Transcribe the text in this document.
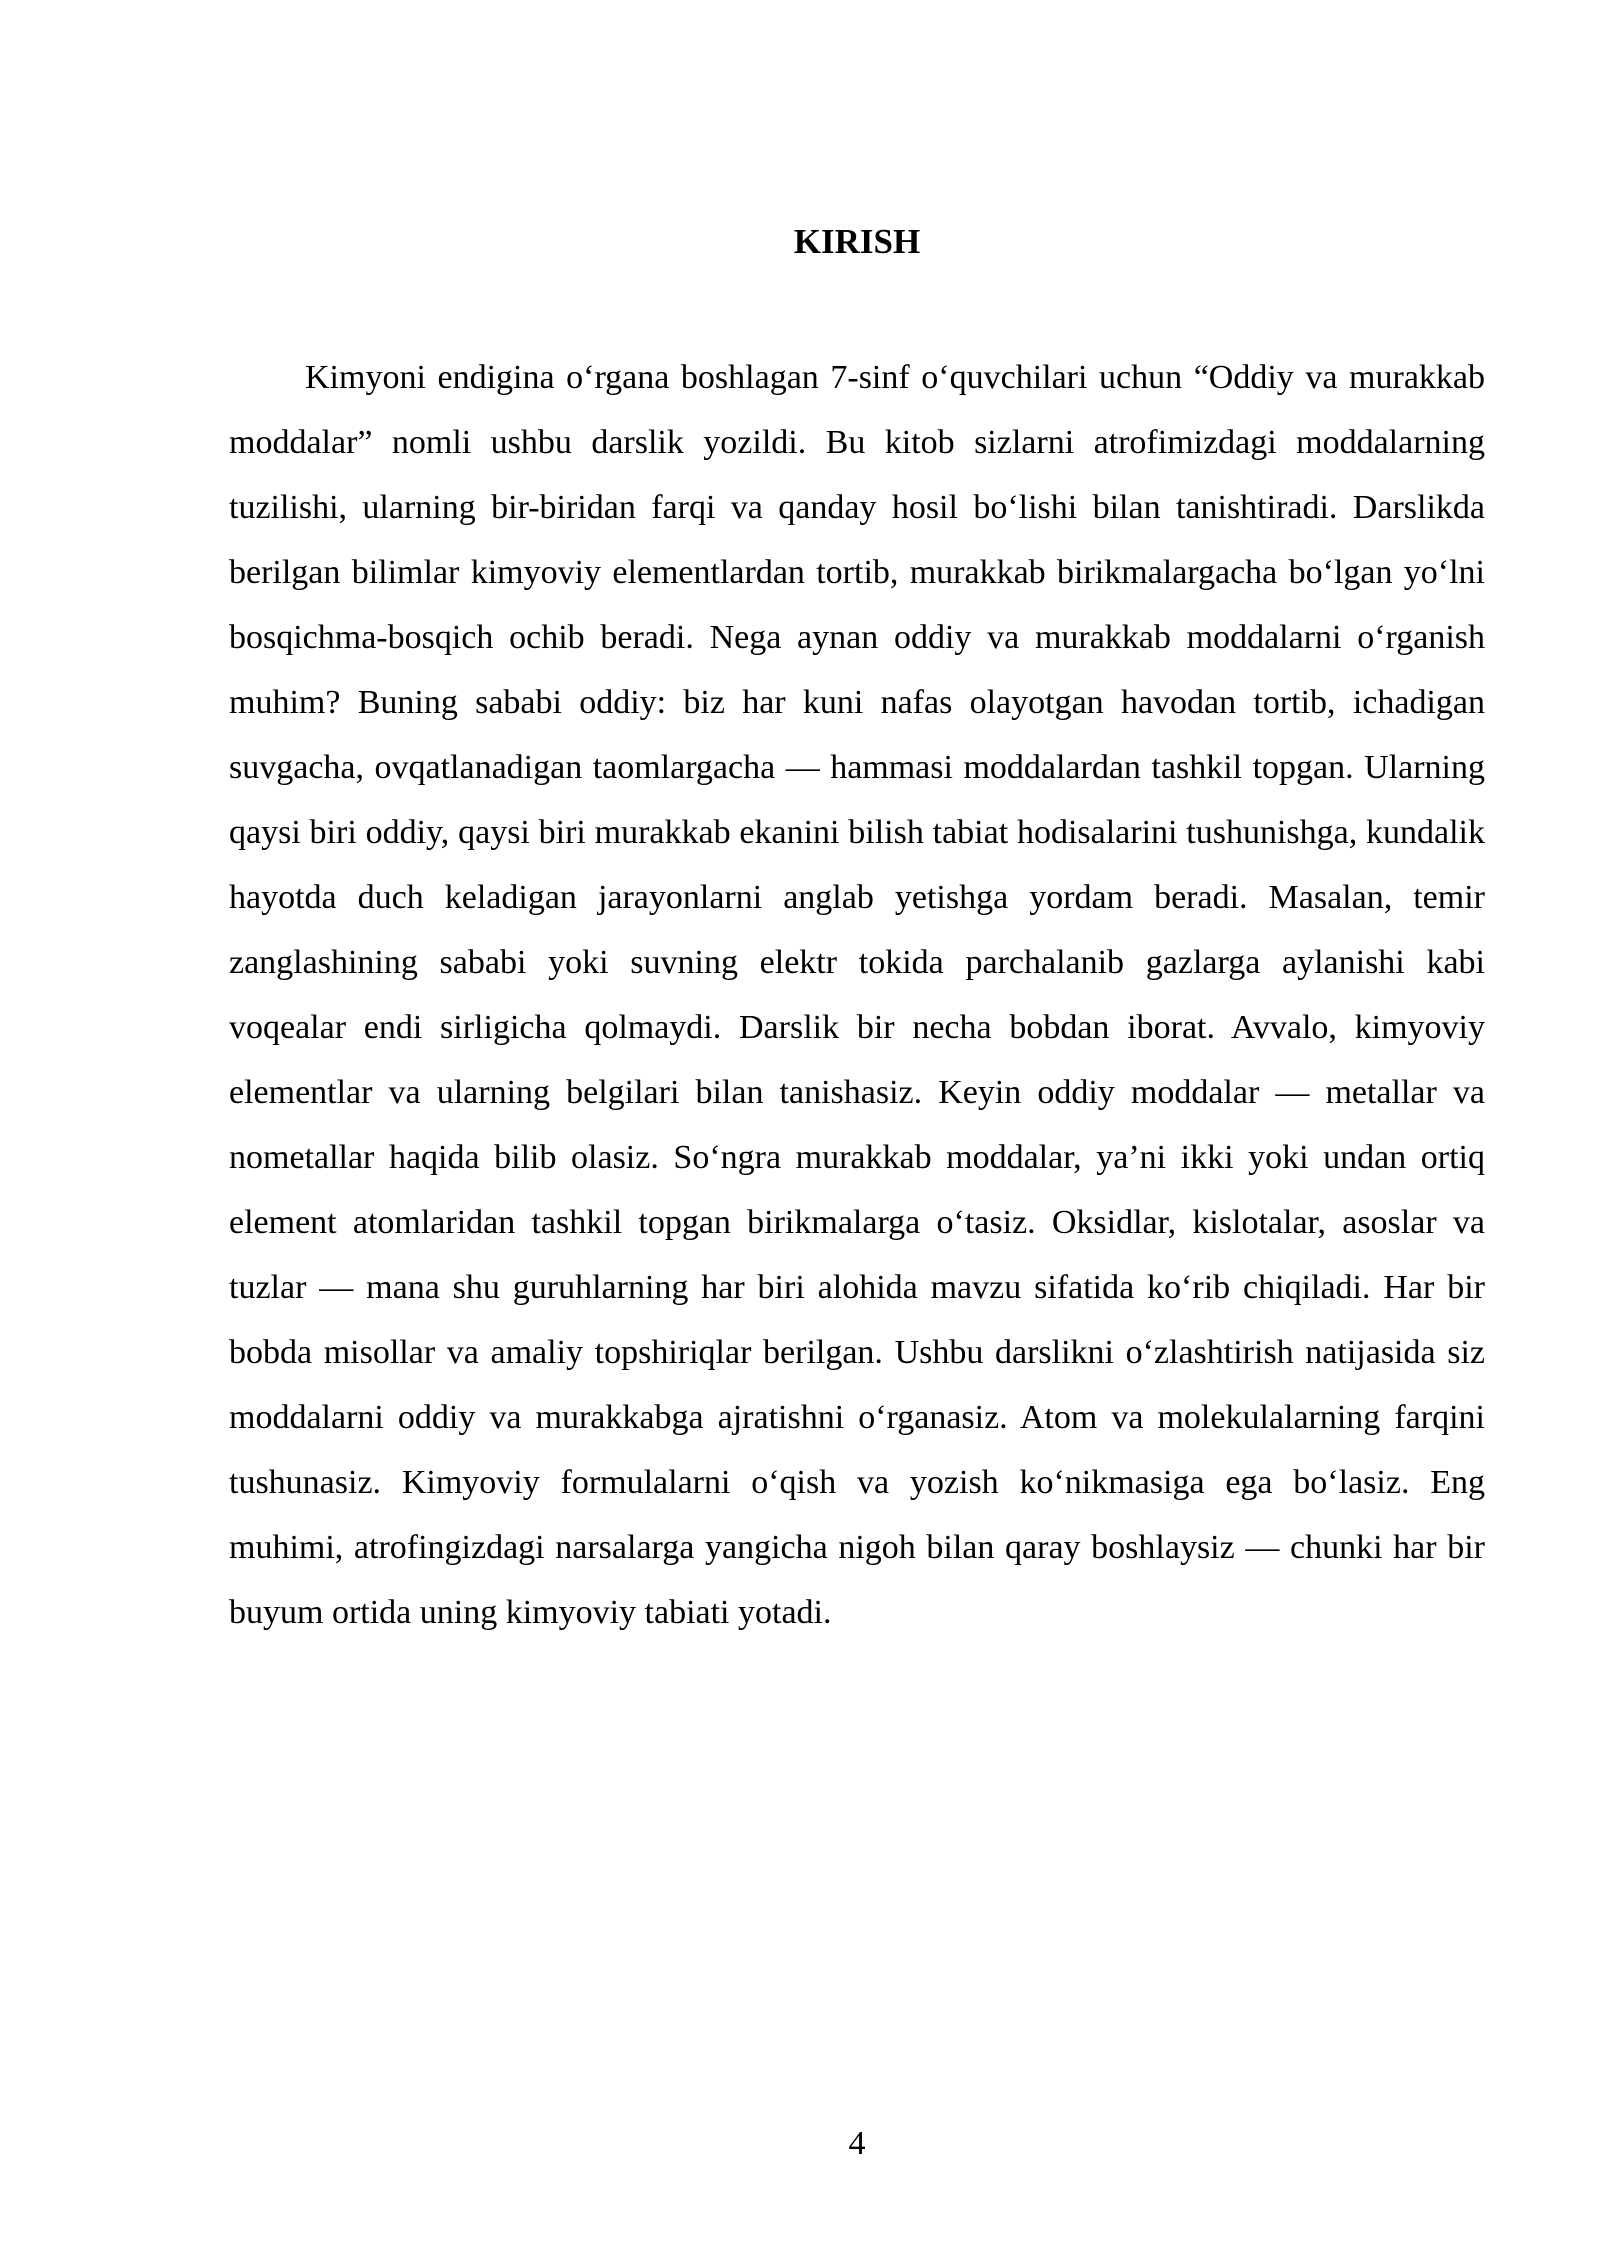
KIRISH

Kimyoni endigina o‘rgana boshlagan 7-sinf o‘quvchilari uchun “Oddiy va murakkab moddalar” nomli ushbu darslik yozildi. Bu kitob sizlarni atrofimizdagi moddalarning tuzilishi, ularning bir-biridan farqi va qanday hosil bo‘lishi bilan tanishtiradi. Darslikda berilgan bilimlar kimyoviy elementlardan tortib, murakkab birikmalargacha bo‘lgan yo‘lni bosqichma-bosqich ochib beradi. Nega aynan oddiy va murakkab moddalarni o‘rganish muhim? Buning sababi oddiy: biz har kuni nafas olayotgan havodan tortib, ichadigan suvgacha, ovqatlanadigan taomlargacha — hammasi moddalardan tashkil topgan. Ularning qaysi biri oddiy, qaysi biri murakkab ekanini bilish tabiat hodisalarini tushunishga, kundalik hayotda duch keladigan jarayonlarni anglab yetishga yordam beradi. Masalan, temir zanglashining sababi yoki suvning elektr tokida parchalanib gazlarga aylanishi kabi voqealar endi sirligicha qolmaydi. Darslik bir necha bobdan iborat. Avvalo, kimyoviy elementlar va ularning belgilari bilan tanishasiz. Keyin oddiy moddalar — metallar va nometallar haqida bilib olasiz. So‘ngra murakkab moddalar, ya’ni ikki yoki undan ortiq element atomlaridan tashkil topgan birikmalarga o‘tasiz. Oksidlar, kislotalar, asoslar va tuzlar — mana shu guruhlarning har biri alohida mavzu sifatida ko‘rib chiqiladi. Har bir bobda misollar va amaliy topshiriqlar berilgan. Ushbu darslikni o‘zlashtirish natijasida siz moddalarni oddiy va murakkabga ajratishni o‘rganasiz. Atom va molekulalarning farqini tushunasiz. Kimyoviy formulalarni o‘qish va yozish ko‘nikmasiga ega bo‘lasiz. Eng muhimi, atrofingizdagi narsalarga yangicha nigoh bilan qaray boshlaysiz — chunki har bir buyum ortida uning kimyoviy tabiati yotadi.

4
